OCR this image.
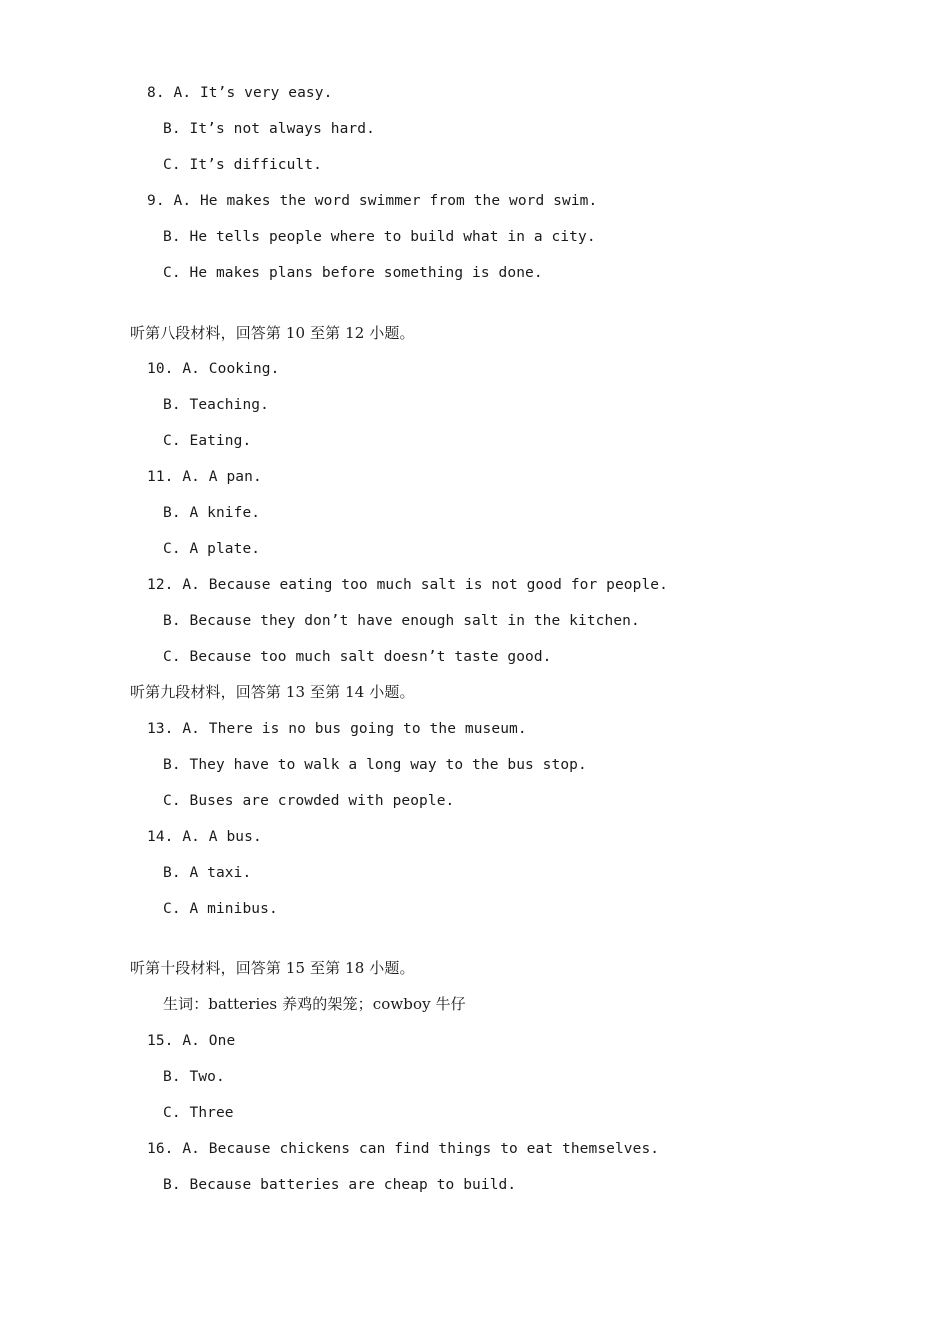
8. A. It’s very easy.
B. It’s not always hard.
C. It’s difficult.
9. A. He makes the word swimmer from the word swim.
B. He tells people where to build what in a city.
C. He makes plans before something is done.
听第八段材料，回答第 10 至第 12 小题。
10. A. Cooking.
B. Teaching.
C. Eating.
11. A. A pan.
B. A knife.
C. A plate.
12. A. Because eating too much salt is not good for people.
B. Because they don’t have enough salt in the kitchen.
C. Because too much salt doesn’t taste good.
听第九段材料，回答第 13 至第 14 小题。
13. A. There is no bus going to the museum.
B. They have to walk a long way to the bus stop.
C. Buses are crowded with people.
14. A. A bus.
B. A taxi.
C. A minibus.
听第十段材料，回答第 15 至第 18 小题。
生词：batteries 养鸡的架笼；cowboy 牛仔
15. A. One
B. Two.
C. Three
16. A. Because chickens can find things to eat themselves.
B. Because batteries are cheap to build.
